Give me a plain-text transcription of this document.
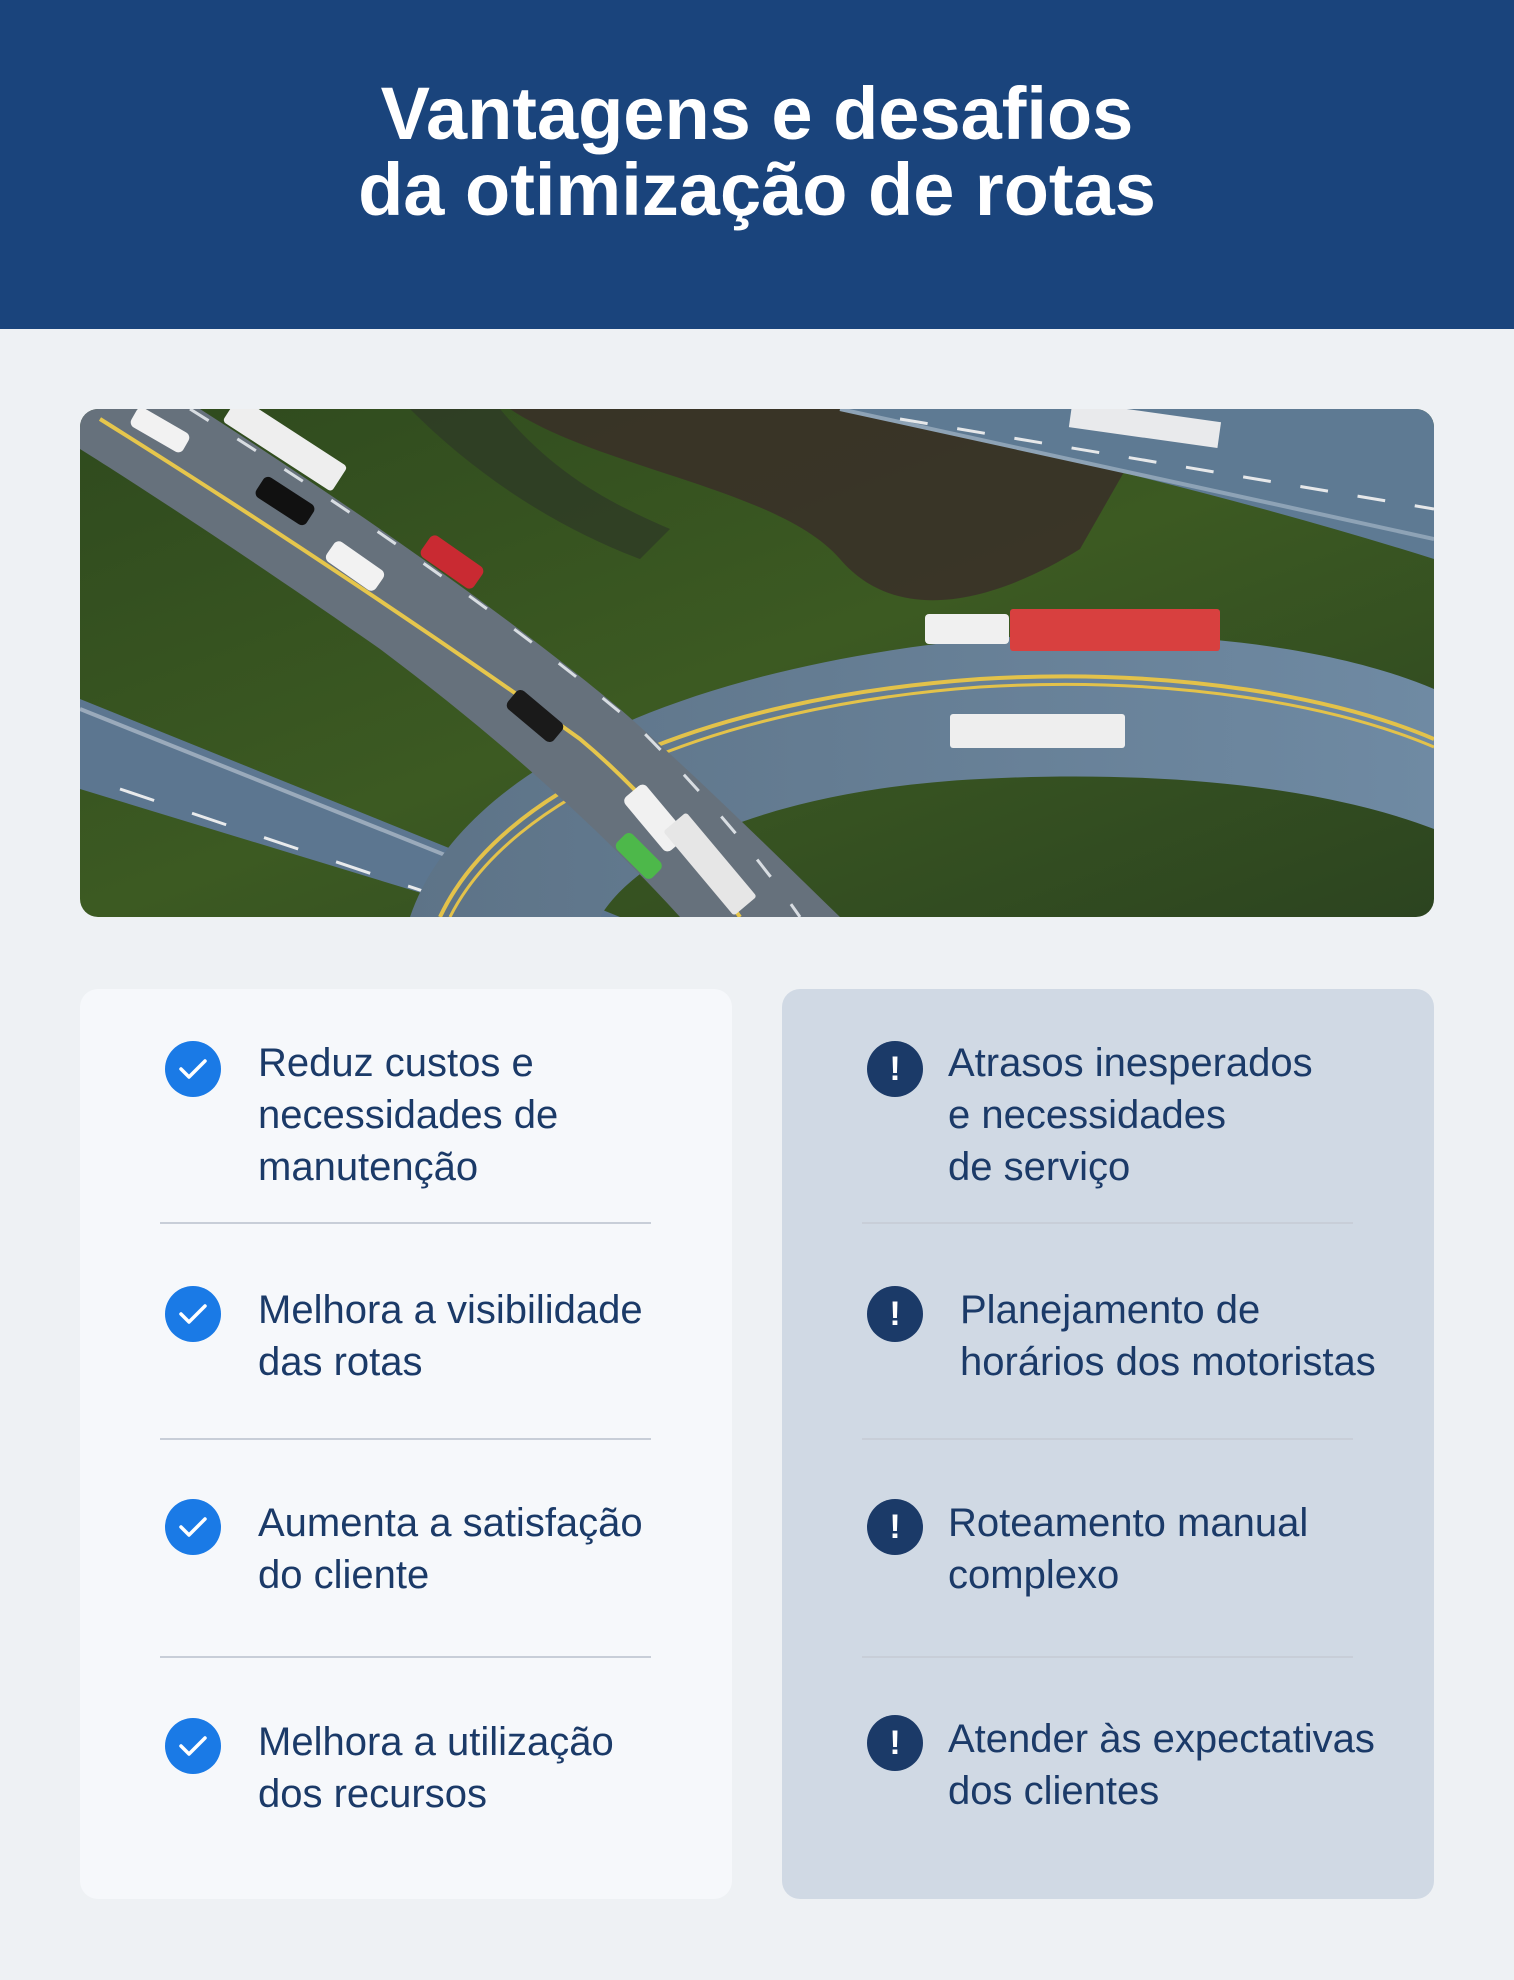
Vantagens e desafios
da otimização de rotas

Reduz custos e
necessidades de
manutenção

Melhora a visibilidade
das rotas

Aumenta a satisfação
do cliente

Melhora a utilização
dos recursos

!	Atrasos inesperados
e necessidades
de serviço

!	Planejamento de
horários dos motoristas

!	Roteamento manual
complexo

!	Atender às expectativas
dos clientes
